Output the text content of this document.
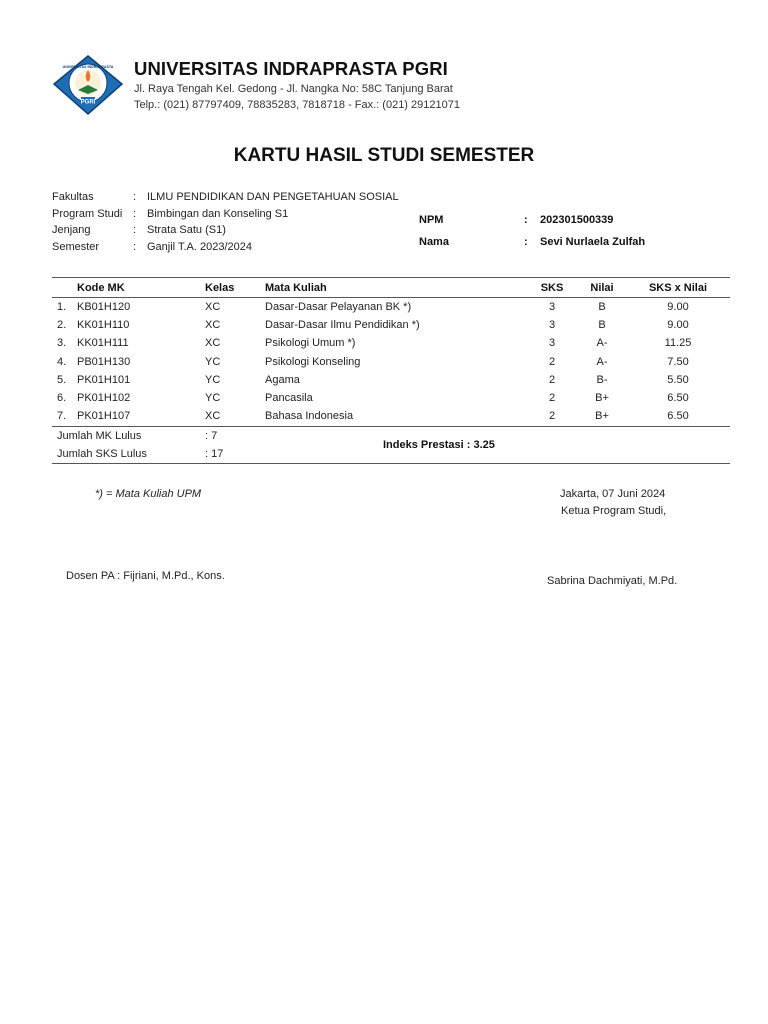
PGRI
UNIVERSITAS INDRAPRASTA UNIVERSITAS INDRAPRASTA PGRI
Jl. Raya Tengah Kel. Gedong - Jl. Nangka No: 58C Tanjung Barat
Telp.: (021) 87797409, 78835283, 7818718 - Fax.: (021) 29121071
KARTU HASIL STUDI SEMESTER
Fakultas	: ILMU PENDIDIKAN DAN PENGETAHUAN SOSIAL
Program Studi : Bimbingan dan Konseling S1
Jenjang	: Strata Satu (S1)
Semester	: Ganjil T.A. 2023/2024
NPM	: 202301500339
Nama	: Sevi Nurlaela Zulfah
Kode MK	Kelas	Mata Kuliah	SKS	Nilai	SKS x Nilai
1. KB01H120	XC	Dasar-Dasar Pelayanan BK *)	3	B	9.00
2. KK01H110	XC	Dasar-Dasar Ilmu Pendidikan *)	3	B	9.00
3. KK01H111	XC	Psikologi Umum *)	3	A-	11.25
4. PB01H130	YC	Psikologi Konseling	2	A-	7.50
5. PK01H101	YC	Agama	2	B-	5.50
6. PK01H102	YC	Pancasila	2	B+	6.50
7. PK01H107	XC	Bahasa Indonesia	2	B+	6.50
Jumlah MK Lulus	: 7
Jumlah SKS Lulus	: 17
Indeks Prestasi : 3.25
*) = Mata Kuliah UPM	Jakarta, 07 Juni 2024
Ketua Program Studi,
Dosen PA : Fijriani, M.Pd., Kons.	Sabrina Dachmiyati, M.Pd.
